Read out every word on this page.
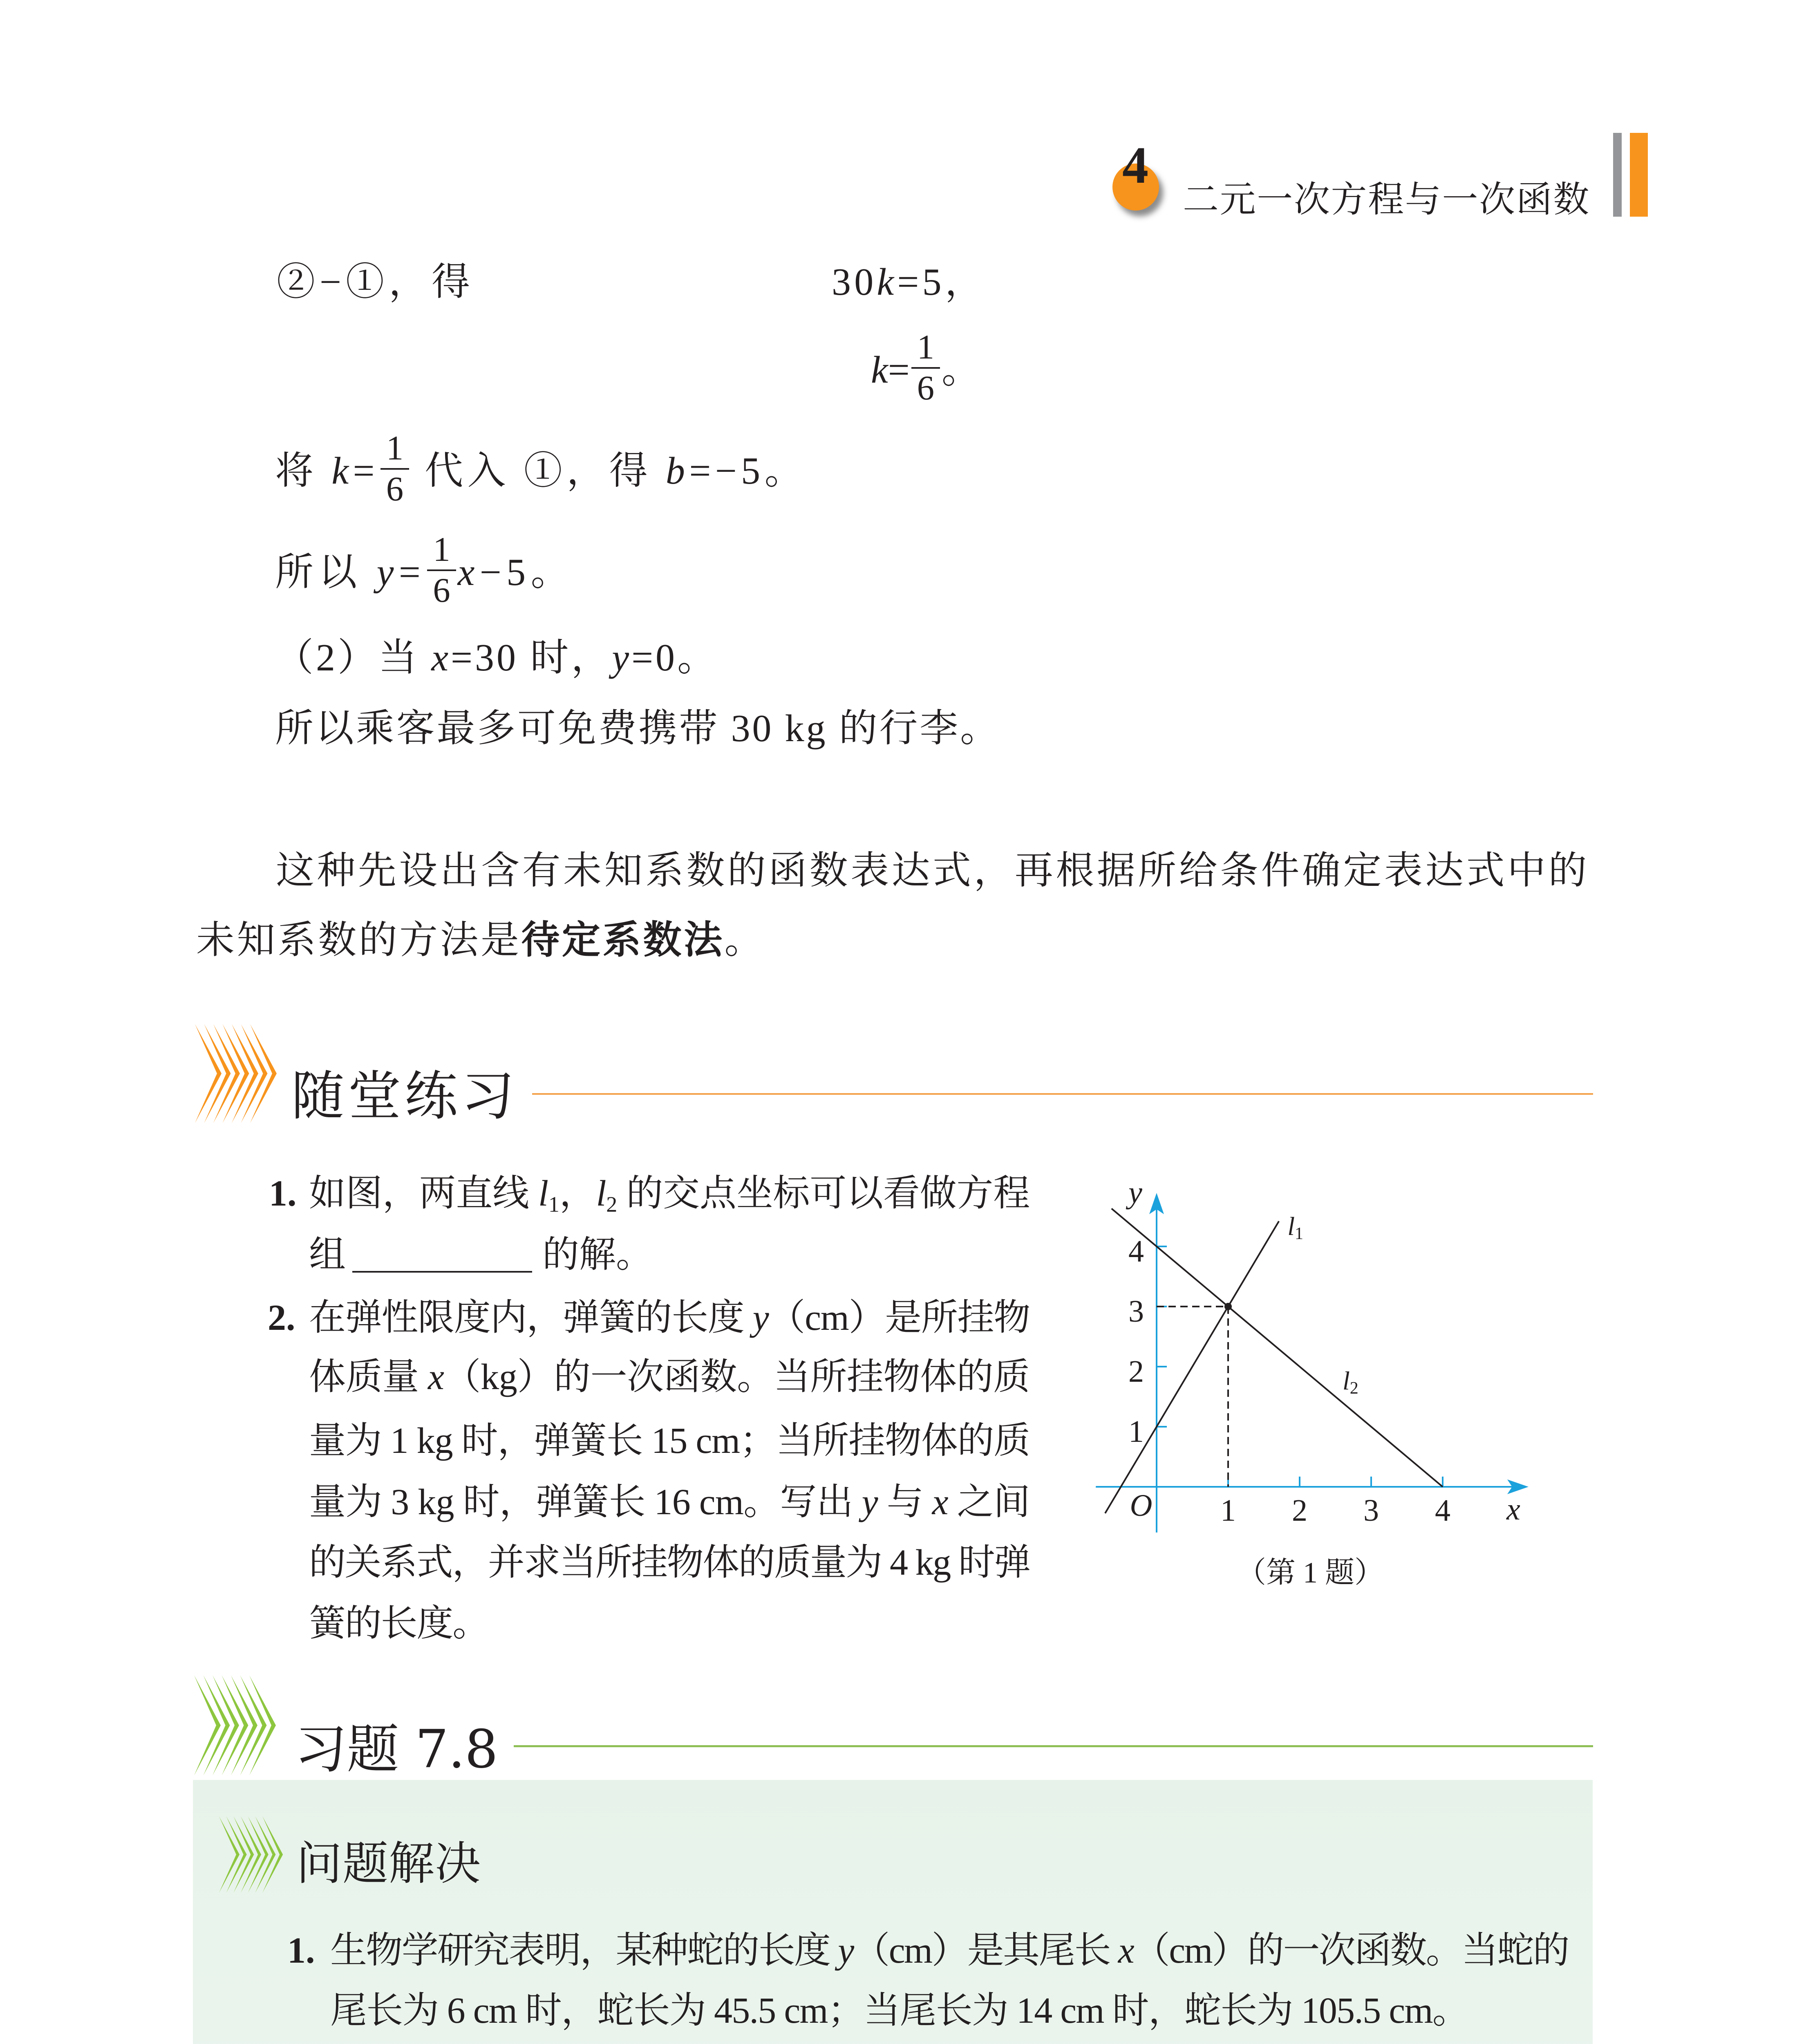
4
二元一次方程与一次函数
②−①，得	30k=5，
$k= \frac{1}{6}$ 。
将 $k= \frac{1}{6}$ 代入 ①，得 b=−5。
所以 $y= \frac{1}{6} x-5$。
（2）当 x=30 时，y=0。
所以乘客最多可免费携带 30 kg 的行李。
这种先设出含有未知系数的函数表达式，再根据所给条件确定表达式中的
未知系数的方法是待定系数法。
随堂练习
1. 如图，两直线 l1，l2 的交点坐标可以看做方程
组	的解。
2. 在弹性限度内，弹簧的长度 y（cm）是所挂物
体质量 x（kg）的一次函数。当所挂物体的质
量为 1 kg 时，弹簧长 15 cm；当所挂物体的质
量为 3 kg 时，弹簧长 16 cm。写出 y 与 x 之间
的关系式，并求当所挂物体的质量为 4 kg 时弹
簧的长度。
1 2 3 4
1
2
3
4
l1
l2
x
y
O
（第 1 题）
习题 7.8
问题解决
1. 生物学研究表明，某种蛇的长度 y（cm）是其尾长 x（cm）的一次函数。当蛇的
尾长为 6 cm 时，蛇长为 45.5 cm；当尾长为 14 cm 时，蛇长为 105.5 cm。
